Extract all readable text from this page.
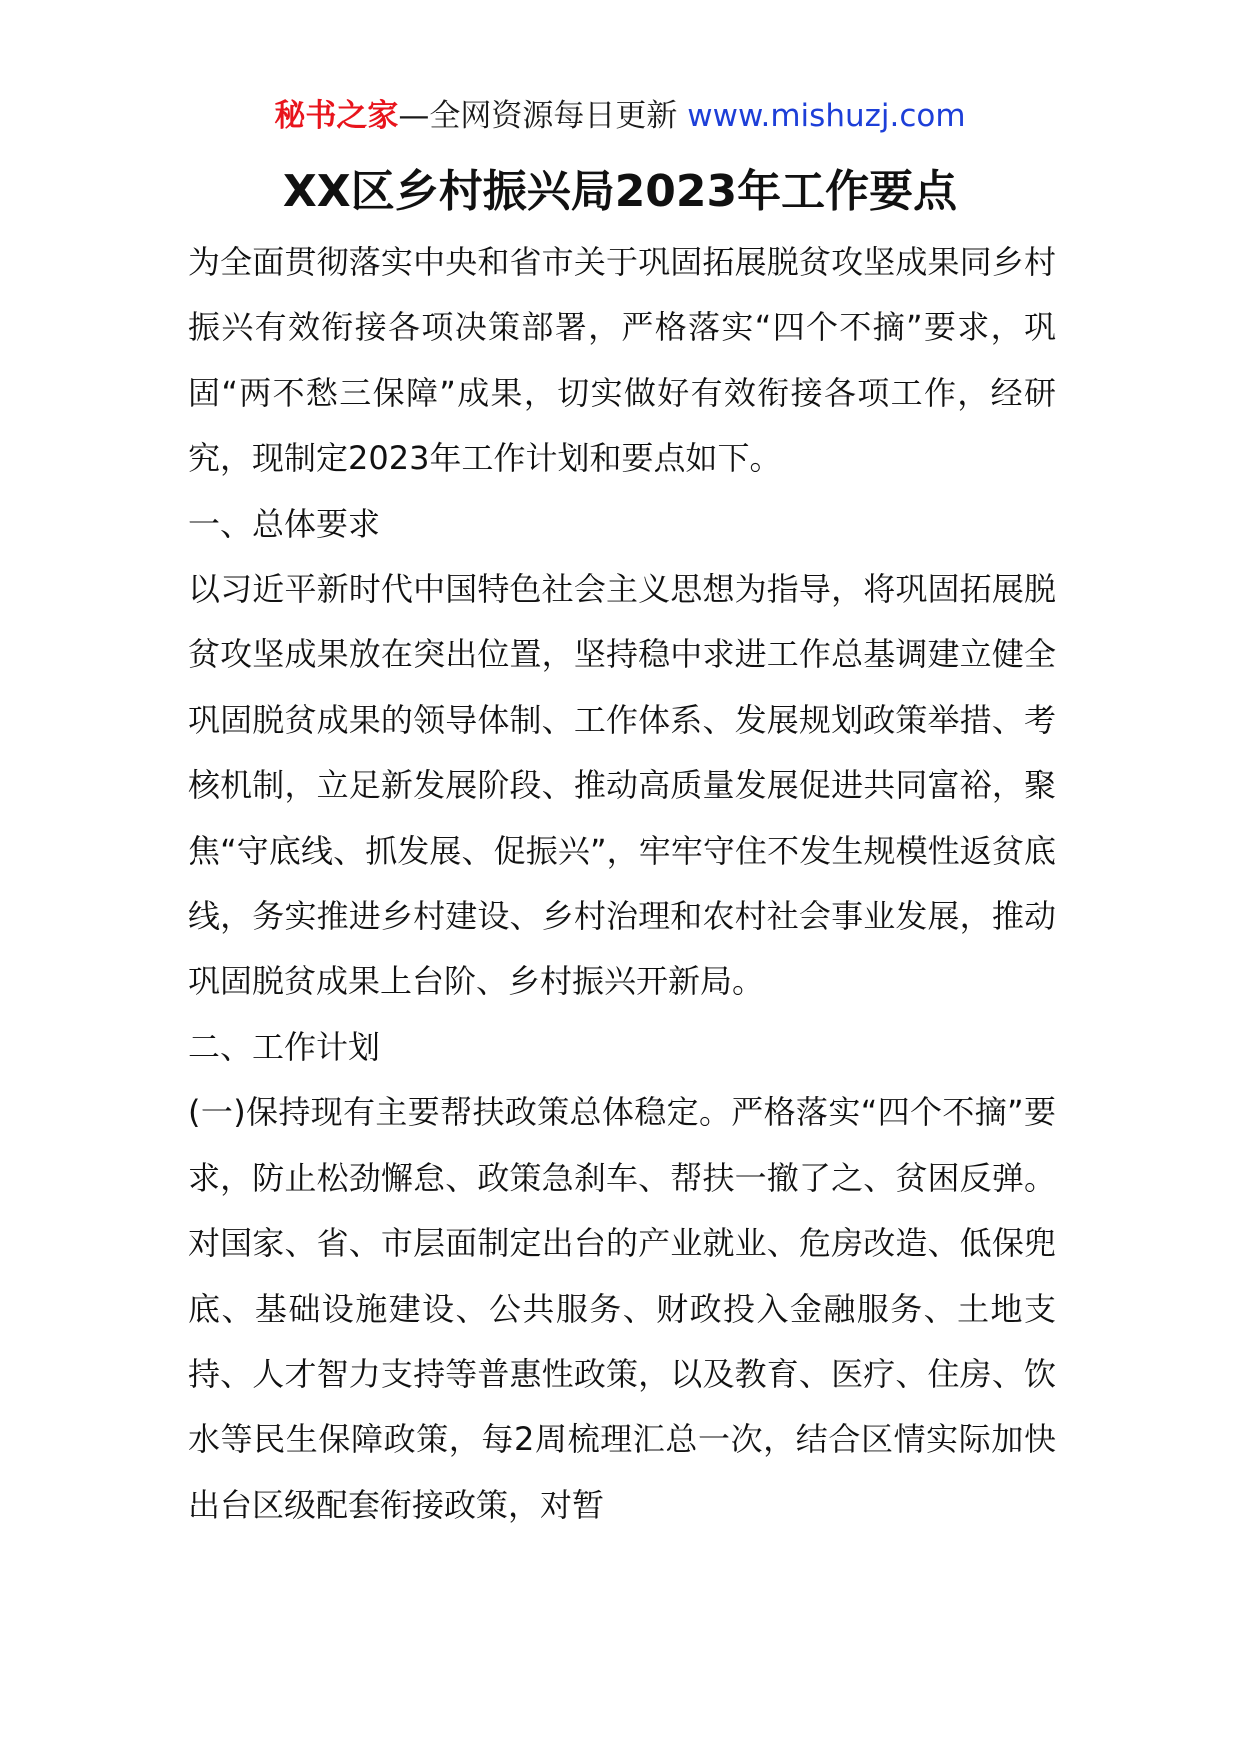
秘书之家—全网资源每日更新 www.mishuzj.com
XX区乡村振兴局2023年工作要点

为全面贯彻落实中央和省市关于巩固拓展脱贫攻坚成果同乡村振兴有效衔接各项决策部署，严格落实“四个不摘”要求，巩固“两不愁三保障”成果，切实做好有效衔接各项工作，经研究，现制定2023年工作计划和要点如下。

一、总体要求

以习近平新时代中国特色社会主义思想为指导，将巩固拓展脱贫攻坚成果放在突出位置，坚持稳中求进工作总基调建立健全巩固脱贫成果的领导体制、工作体系、发展规划政策举措、考核机制，立足新发展阶段、推动高质量发展促进共同富裕，聚焦“守底线、抓发展、促振兴”，牢牢守住不发生规模性返贫底线，务实推进乡村建设、乡村治理和农村社会事业发展，推动巩固脱贫成果上台阶、乡村振兴开新局。

二、工作计划

(一)保持现有主要帮扶政策总体稳定。严格落实“四个不摘”要求，防止松劲懈怠、政策急刹车、帮扶一撤了之、贫困反弹。对国家、省、市层面制定出台的产业就业、危房改造、低保兜底、基础设施建设、公共服务、财政投入金融服务、土地支持、人才智力支持等普惠性政策，以及教育、医疗、住房、饮水等民生保障政策，每2周梳理汇总一次，结合区情实际加快出台区级配套衔接政策，对暂
